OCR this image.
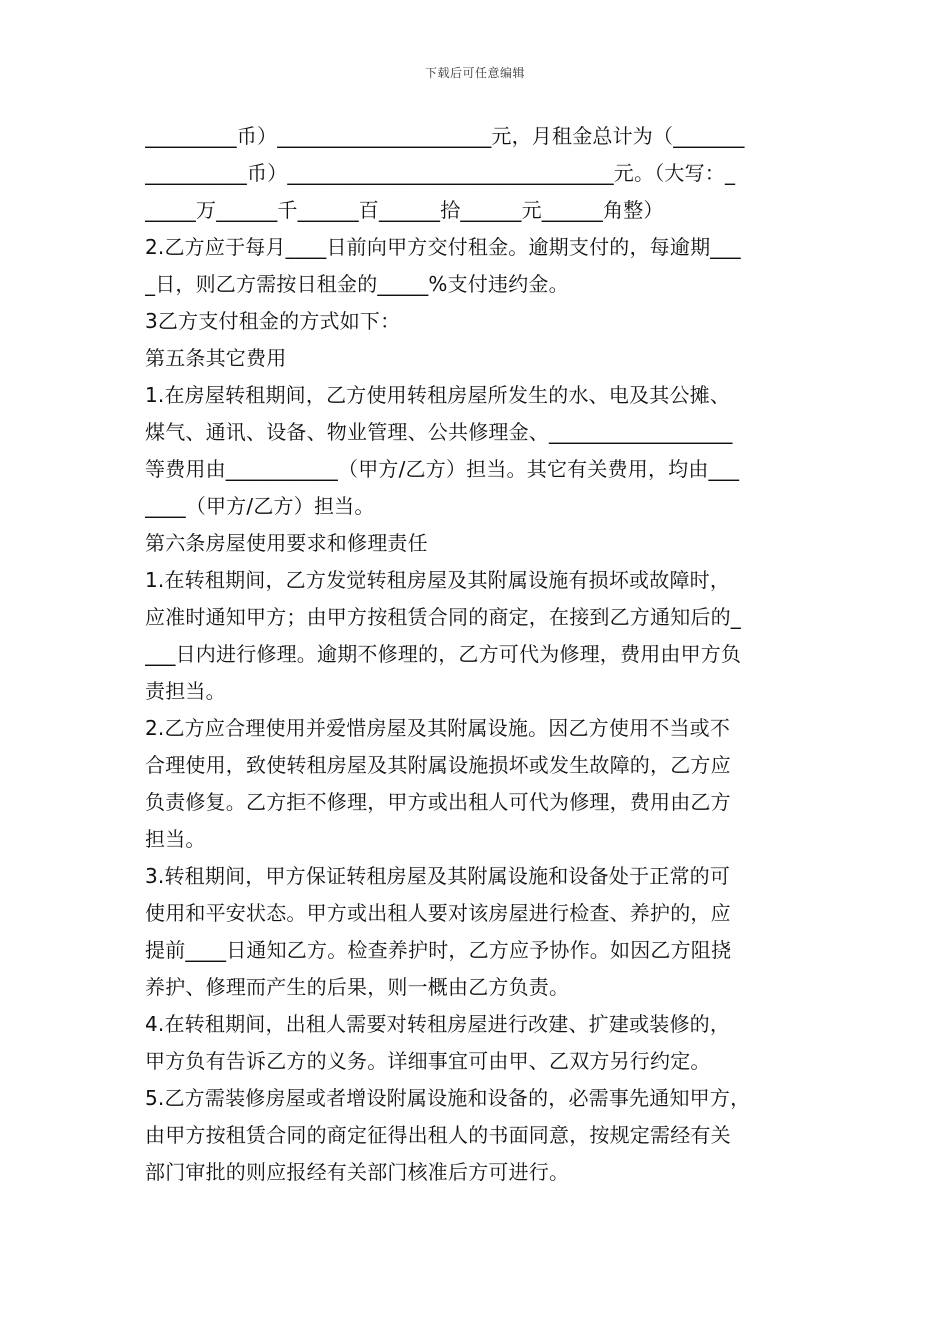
下载后可任意编辑
_________币）_____________________元，月租金总计为（_______
__________币）________________________________元。（大写：_
_____万______千______百______拾______元______角整）
2.乙方应于每月____日前向甲方交付租金。逾期支付的，每逾期___
_日，则乙方需按日租金的_____%支付违约金。
3乙方支付租金的方式如下：
第五条其它费用
1.在房屋转租期间，乙方使用转租房屋所发生的水、电及其公摊、
煤气、通讯、设备、物业管理、公共修理金、__________________
等费用由___________（甲方/乙方）担当。其它有关费用，均由___
____（甲方/乙方）担当。
第六条房屋使用要求和修理责任
1.在转租期间，乙方发觉转租房屋及其附属设施有损坏或故障时，
应准时通知甲方；由甲方按租赁合同的商定，在接到乙方通知后的_
___日内进行修理。逾期不修理的，乙方可代为修理，费用由甲方负
责担当。
2.乙方应合理使用并爱惜房屋及其附属设施。因乙方使用不当或不
合理使用，致使转租房屋及其附属设施损坏或发生故障的，乙方应
负责修复。乙方拒不修理，甲方或出租人可代为修理，费用由乙方
担当。
3.转租期间，甲方保证转租房屋及其附属设施和设备处于正常的可
使用和平安状态。甲方或出租人要对该房屋进行检查、养护的，应
提前____日通知乙方。检查养护时，乙方应予协作。如因乙方阻挠
养护、修理而产生的后果，则一概由乙方负责。
4.在转租期间，出租人需要对转租房屋进行改建、扩建或装修的，
甲方负有告诉乙方的义务。详细事宜可由甲、乙双方另行约定。
5.乙方需装修房屋或者增设附属设施和设备的，必需事先通知甲方，
由甲方按租赁合同的商定征得出租人的书面同意，按规定需经有关
部门审批的则应报经有关部门核准后方可进行。
